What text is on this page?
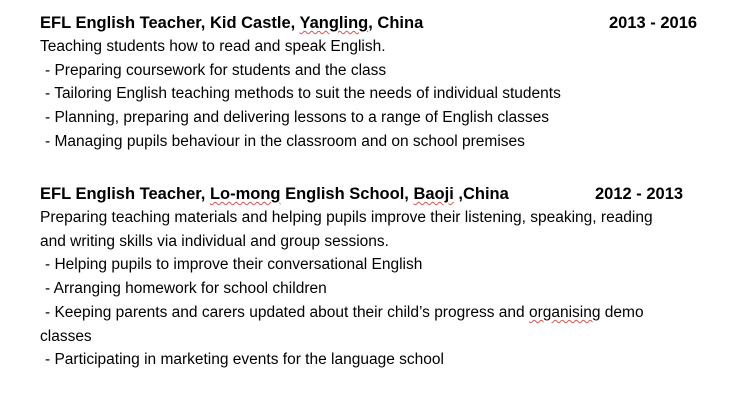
EFL English Teacher, Kid Castle, Yangling, China	2013 - 2016
Teaching students how to read and speak English.
- Preparing coursework for students and the class
- Tailoring English teaching methods to suit the needs of individual students
- Planning, preparing and delivering lessons to a range of English classes
- Managing pupils behaviour in the classroom and on school premises
EFL English Teacher, Lo-mong English School, Baoji ,China	2012 - 2013
Preparing teaching materials and helping pupils improve their listening, speaking, reading
and writing skills via individual and group sessions.
- Helping pupils to improve their conversational English
- Arranging homework for school children
- Keeping parents and carers updated about their child’s progress and organising demo
classes
- Participating in marketing events for the language school
